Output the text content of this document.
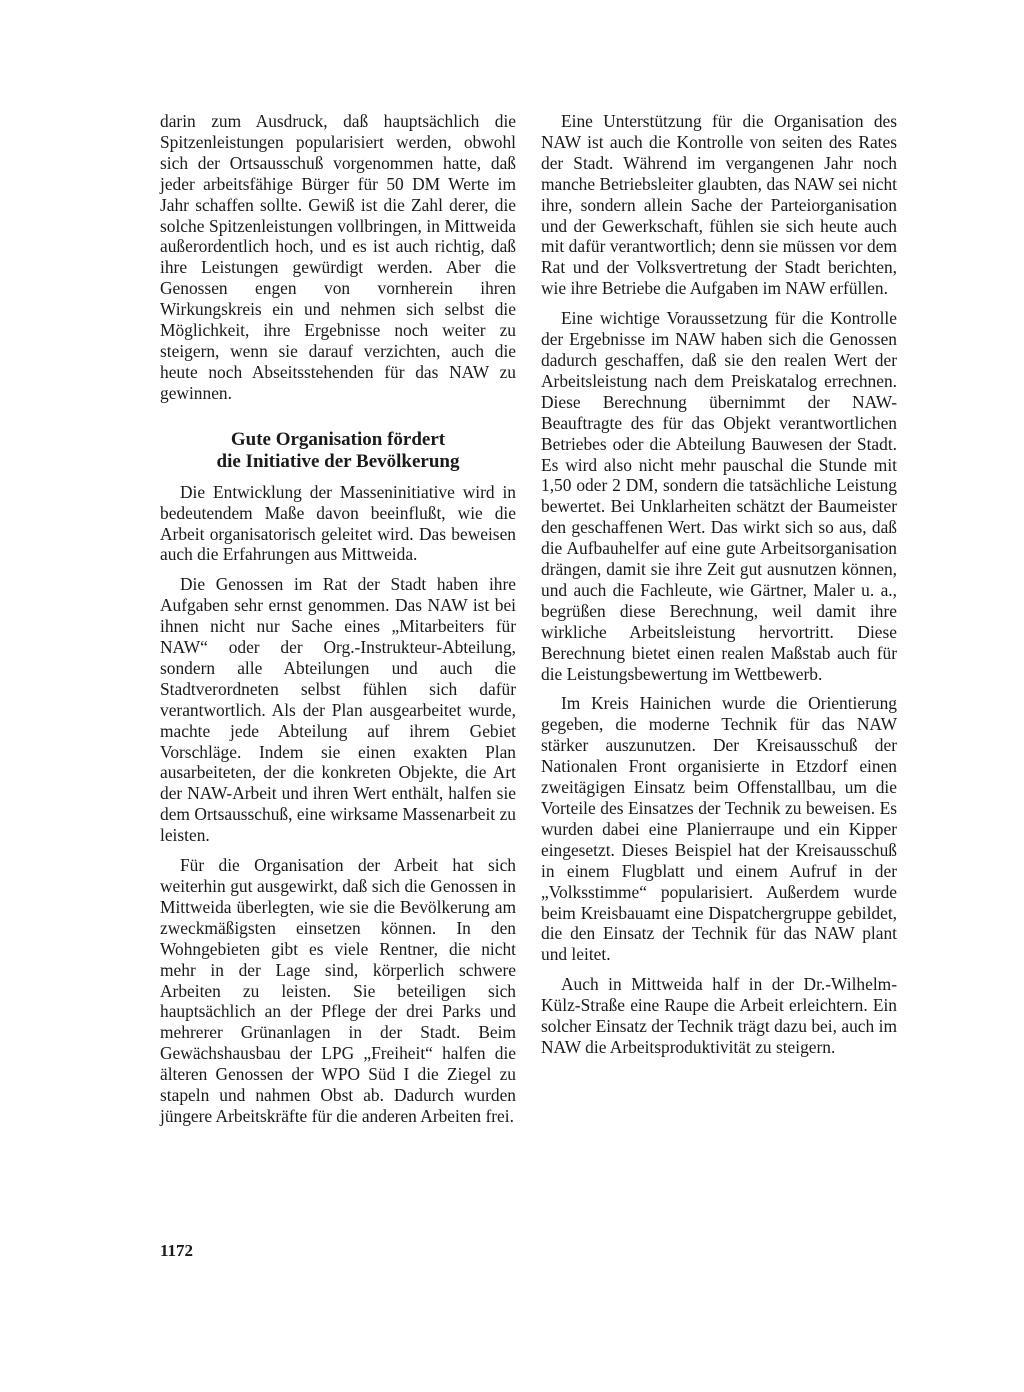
darin zum Ausdruck, daß hauptsächlich die Spitzenleistungen popularisiert werden, obwohl sich der Ortsausschuß vorgenommen hatte, daß jeder arbeitsfähige Bürger für 50 DM Werte im Jahr schaffen sollte. Gewiß ist die Zahl derer, die solche Spitzenleistungen vollbringen, in Mittweida außerordentlich hoch, und es ist auch richtig, daß ihre Leistungen gewürdigt werden. Aber die Genossen engen von vornherein ihren Wirkungskreis ein und nehmen sich selbst die Möglichkeit, ihre Ergebnisse noch weiter zu steigern, wenn sie darauf verzichten, auch die heute noch Abseitsstehenden für das NAW zu gewinnen.

Gute Organisation fördert
die Initiative der Bevölkerung

Die Entwicklung der Masseninitiative wird in bedeutendem Maße davon beeinflußt, wie die Arbeit organisatorisch geleitet wird. Das beweisen auch die Erfahrungen aus Mittweida.

Die Genossen im Rat der Stadt haben ihre Aufgaben sehr ernst genommen. Das NAW ist bei ihnen nicht nur Sache eines „Mitarbeiters für NAW“ oder der Org.-Instrukteur-Abteilung, sondern alle Abteilungen und auch die Stadtverordneten selbst fühlen sich dafür verantwortlich. Als der Plan ausgearbeitet wurde, machte jede Abteilung auf ihrem Gebiet Vorschläge. Indem sie einen exakten Plan ausarbeiteten, der die konkreten Objekte, die Art der NAW-Arbeit und ihren Wert enthält, halfen sie dem Ortsausschuß, eine wirksame Massenarbeit zu leisten.

Für die Organisation der Arbeit hat sich weiterhin gut ausgewirkt, daß sich die Genossen in Mittweida überlegten, wie sie die Bevölkerung am zweckmäßigsten einsetzen können. In den Wohngebieten gibt es viele Rentner, die nicht mehr in der Lage sind, körperlich schwere Arbeiten zu leisten. Sie beteiligen sich hauptsächlich an der Pflege der drei Parks und mehrerer Grünanlagen in der Stadt. Beim Gewächshausbau der LPG „Freiheit“ halfen die älteren Genossen der WPO Süd I die Ziegel zu stapeln und nahmen Obst ab. Dadurch wurden jüngere Arbeitskräfte für die anderen Arbeiten frei.

Eine Unterstützung für die Organisation des NAW ist auch die Kontrolle von seiten des Rates der Stadt. Während im vergangenen Jahr noch manche Betriebsleiter glaubten, das NAW sei nicht ihre, sondern allein Sache der Parteiorganisation und der Gewerkschaft, fühlen sie sich heute auch mit dafür verantwortlich; denn sie müssen vor dem Rat und der Volksvertretung der Stadt berichten, wie ihre Betriebe die Aufgaben im NAW erfüllen.

Eine wichtige Voraussetzung für die Kontrolle der Ergebnisse im NAW haben sich die Genossen dadurch geschaffen, daß sie den realen Wert der Arbeitsleistung nach dem Preiskatalog errechnen. Diese Berechnung übernimmt der NAW-Beauftragte des für das Objekt verantwortlichen Betriebes oder die Abteilung Bauwesen der Stadt. Es wird also nicht mehr pauschal die Stunde mit 1,50 oder 2 DM, sondern die tatsächliche Leistung bewertet. Bei Unklarheiten schätzt der Baumeister den geschaffenen Wert. Das wirkt sich so aus, daß die Aufbauhelfer auf eine gute Arbeitsorganisation drängen, damit sie ihre Zeit gut ausnutzen können, und auch die Fachleute, wie Gärtner, Maler u. a., begrüßen diese Berechnung, weil damit ihre wirkliche Arbeitsleistung hervortritt. Diese Berechnung bietet einen realen Maßstab auch für die Leistungsbewertung im Wettbewerb.

Im Kreis Hainichen wurde die Orientierung gegeben, die moderne Technik für das NAW stärker auszunutzen. Der Kreisausschuß der Nationalen Front organisierte in Etzdorf einen zweitägigen Einsatz beim Offenstallbau, um die Vorteile des Einsatzes der Technik zu beweisen. Es wurden dabei eine Planierraupe und ein Kipper eingesetzt. Dieses Beispiel hat der Kreisausschuß in einem Flugblatt und einem Aufruf in der „Volksstimme“ popularisiert. Außerdem wurde beim Kreisbauamt eine Dispatchergruppe gebildet, die den Einsatz der Technik für das NAW plant und leitet.

Auch in Mittweida half in der Dr.-Wilhelm-Külz-Straße eine Raupe die Arbeit erleichtern. Ein solcher Einsatz der Technik trägt dazu bei, auch im NAW die Arbeitsproduktivität zu steigern.

1172
